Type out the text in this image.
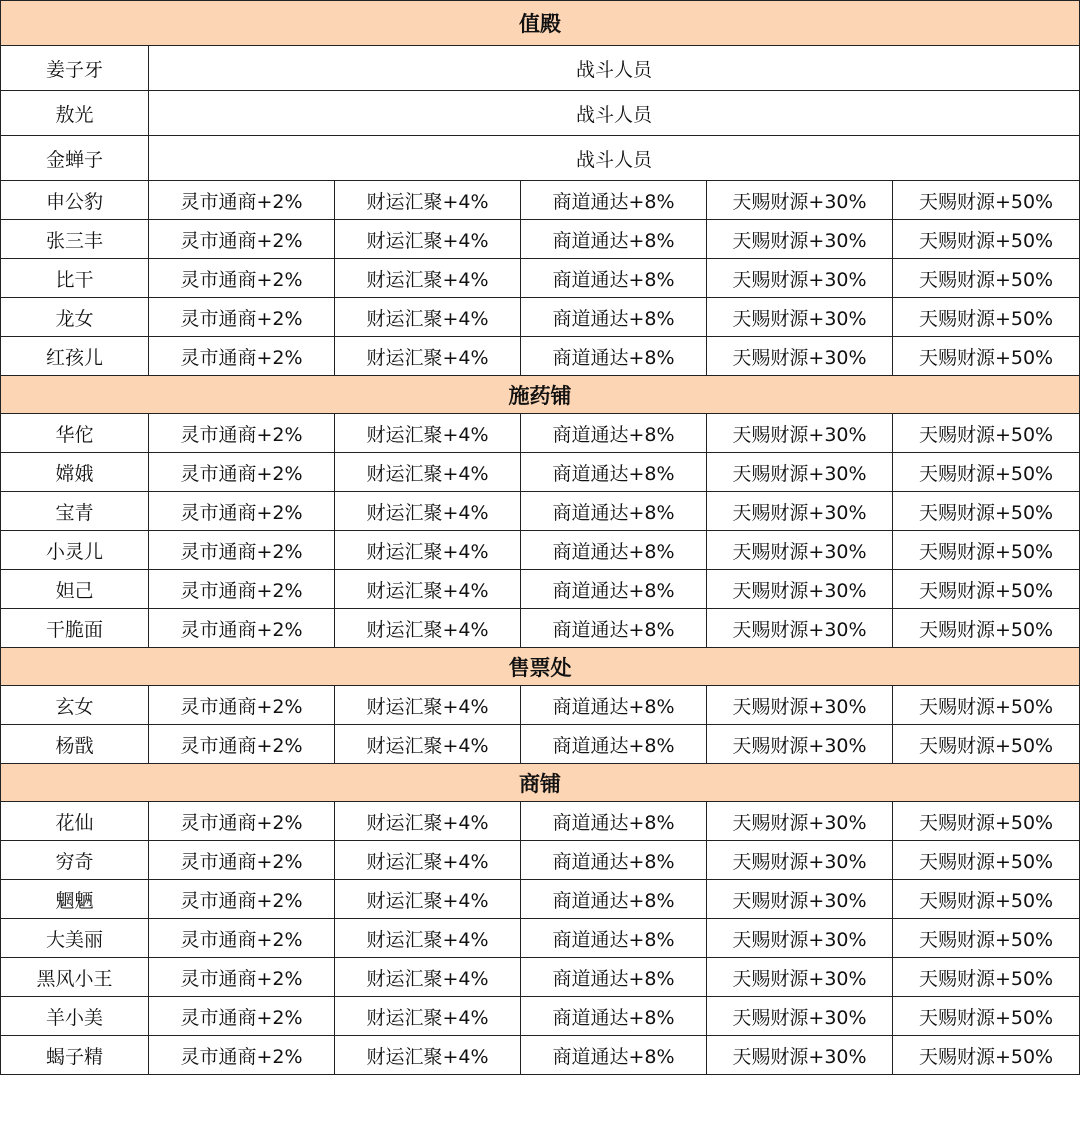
值殿					
姜子牙	战斗人员				
敖光	战斗人员				
金蝉子	战斗人员				
申公豹	灵市通商+2%	财运汇聚+4%	商道通达+8%	天赐财源+30%	天赐财源+50%
张三丰	灵市通商+2%	财运汇聚+4%	商道通达+8%	天赐财源+30%	天赐财源+50%
比干	灵市通商+2%	财运汇聚+4%	商道通达+8%	天赐财源+30%	天赐财源+50%
龙女	灵市通商+2%	财运汇聚+4%	商道通达+8%	天赐财源+30%	天赐财源+50%
红孩儿	灵市通商+2%	财运汇聚+4%	商道通达+8%	天赐财源+30%	天赐财源+50%
施药铺					
华佗	灵市通商+2%	财运汇聚+4%	商道通达+8%	天赐财源+30%	天赐财源+50%
嫦娥	灵市通商+2%	财运汇聚+4%	商道通达+8%	天赐财源+30%	天赐财源+50%
宝青	灵市通商+2%	财运汇聚+4%	商道通达+8%	天赐财源+30%	天赐财源+50%
小灵儿	灵市通商+2%	财运汇聚+4%	商道通达+8%	天赐财源+30%	天赐财源+50%
妲己	灵市通商+2%	财运汇聚+4%	商道通达+8%	天赐财源+30%	天赐财源+50%
干脆面	灵市通商+2%	财运汇聚+4%	商道通达+8%	天赐财源+30%	天赐财源+50%
售票处					
玄女	灵市通商+2%	财运汇聚+4%	商道通达+8%	天赐财源+30%	天赐财源+50%
杨戬	灵市通商+2%	财运汇聚+4%	商道通达+8%	天赐财源+30%	天赐财源+50%
商铺					
花仙	灵市通商+2%	财运汇聚+4%	商道通达+8%	天赐财源+30%	天赐财源+50%
穷奇	灵市通商+2%	财运汇聚+4%	商道通达+8%	天赐财源+30%	天赐财源+50%
魍魉	灵市通商+2%	财运汇聚+4%	商道通达+8%	天赐财源+30%	天赐财源+50%
大美丽	灵市通商+2%	财运汇聚+4%	商道通达+8%	天赐财源+30%	天赐财源+50%
黑风小王	灵市通商+2%	财运汇聚+4%	商道通达+8%	天赐财源+30%	天赐财源+50%
羊小美	灵市通商+2%	财运汇聚+4%	商道通达+8%	天赐财源+30%	天赐财源+50%
蝎子精	灵市通商+2%	财运汇聚+4%	商道通达+8%	天赐财源+30%	天赐财源+50%
